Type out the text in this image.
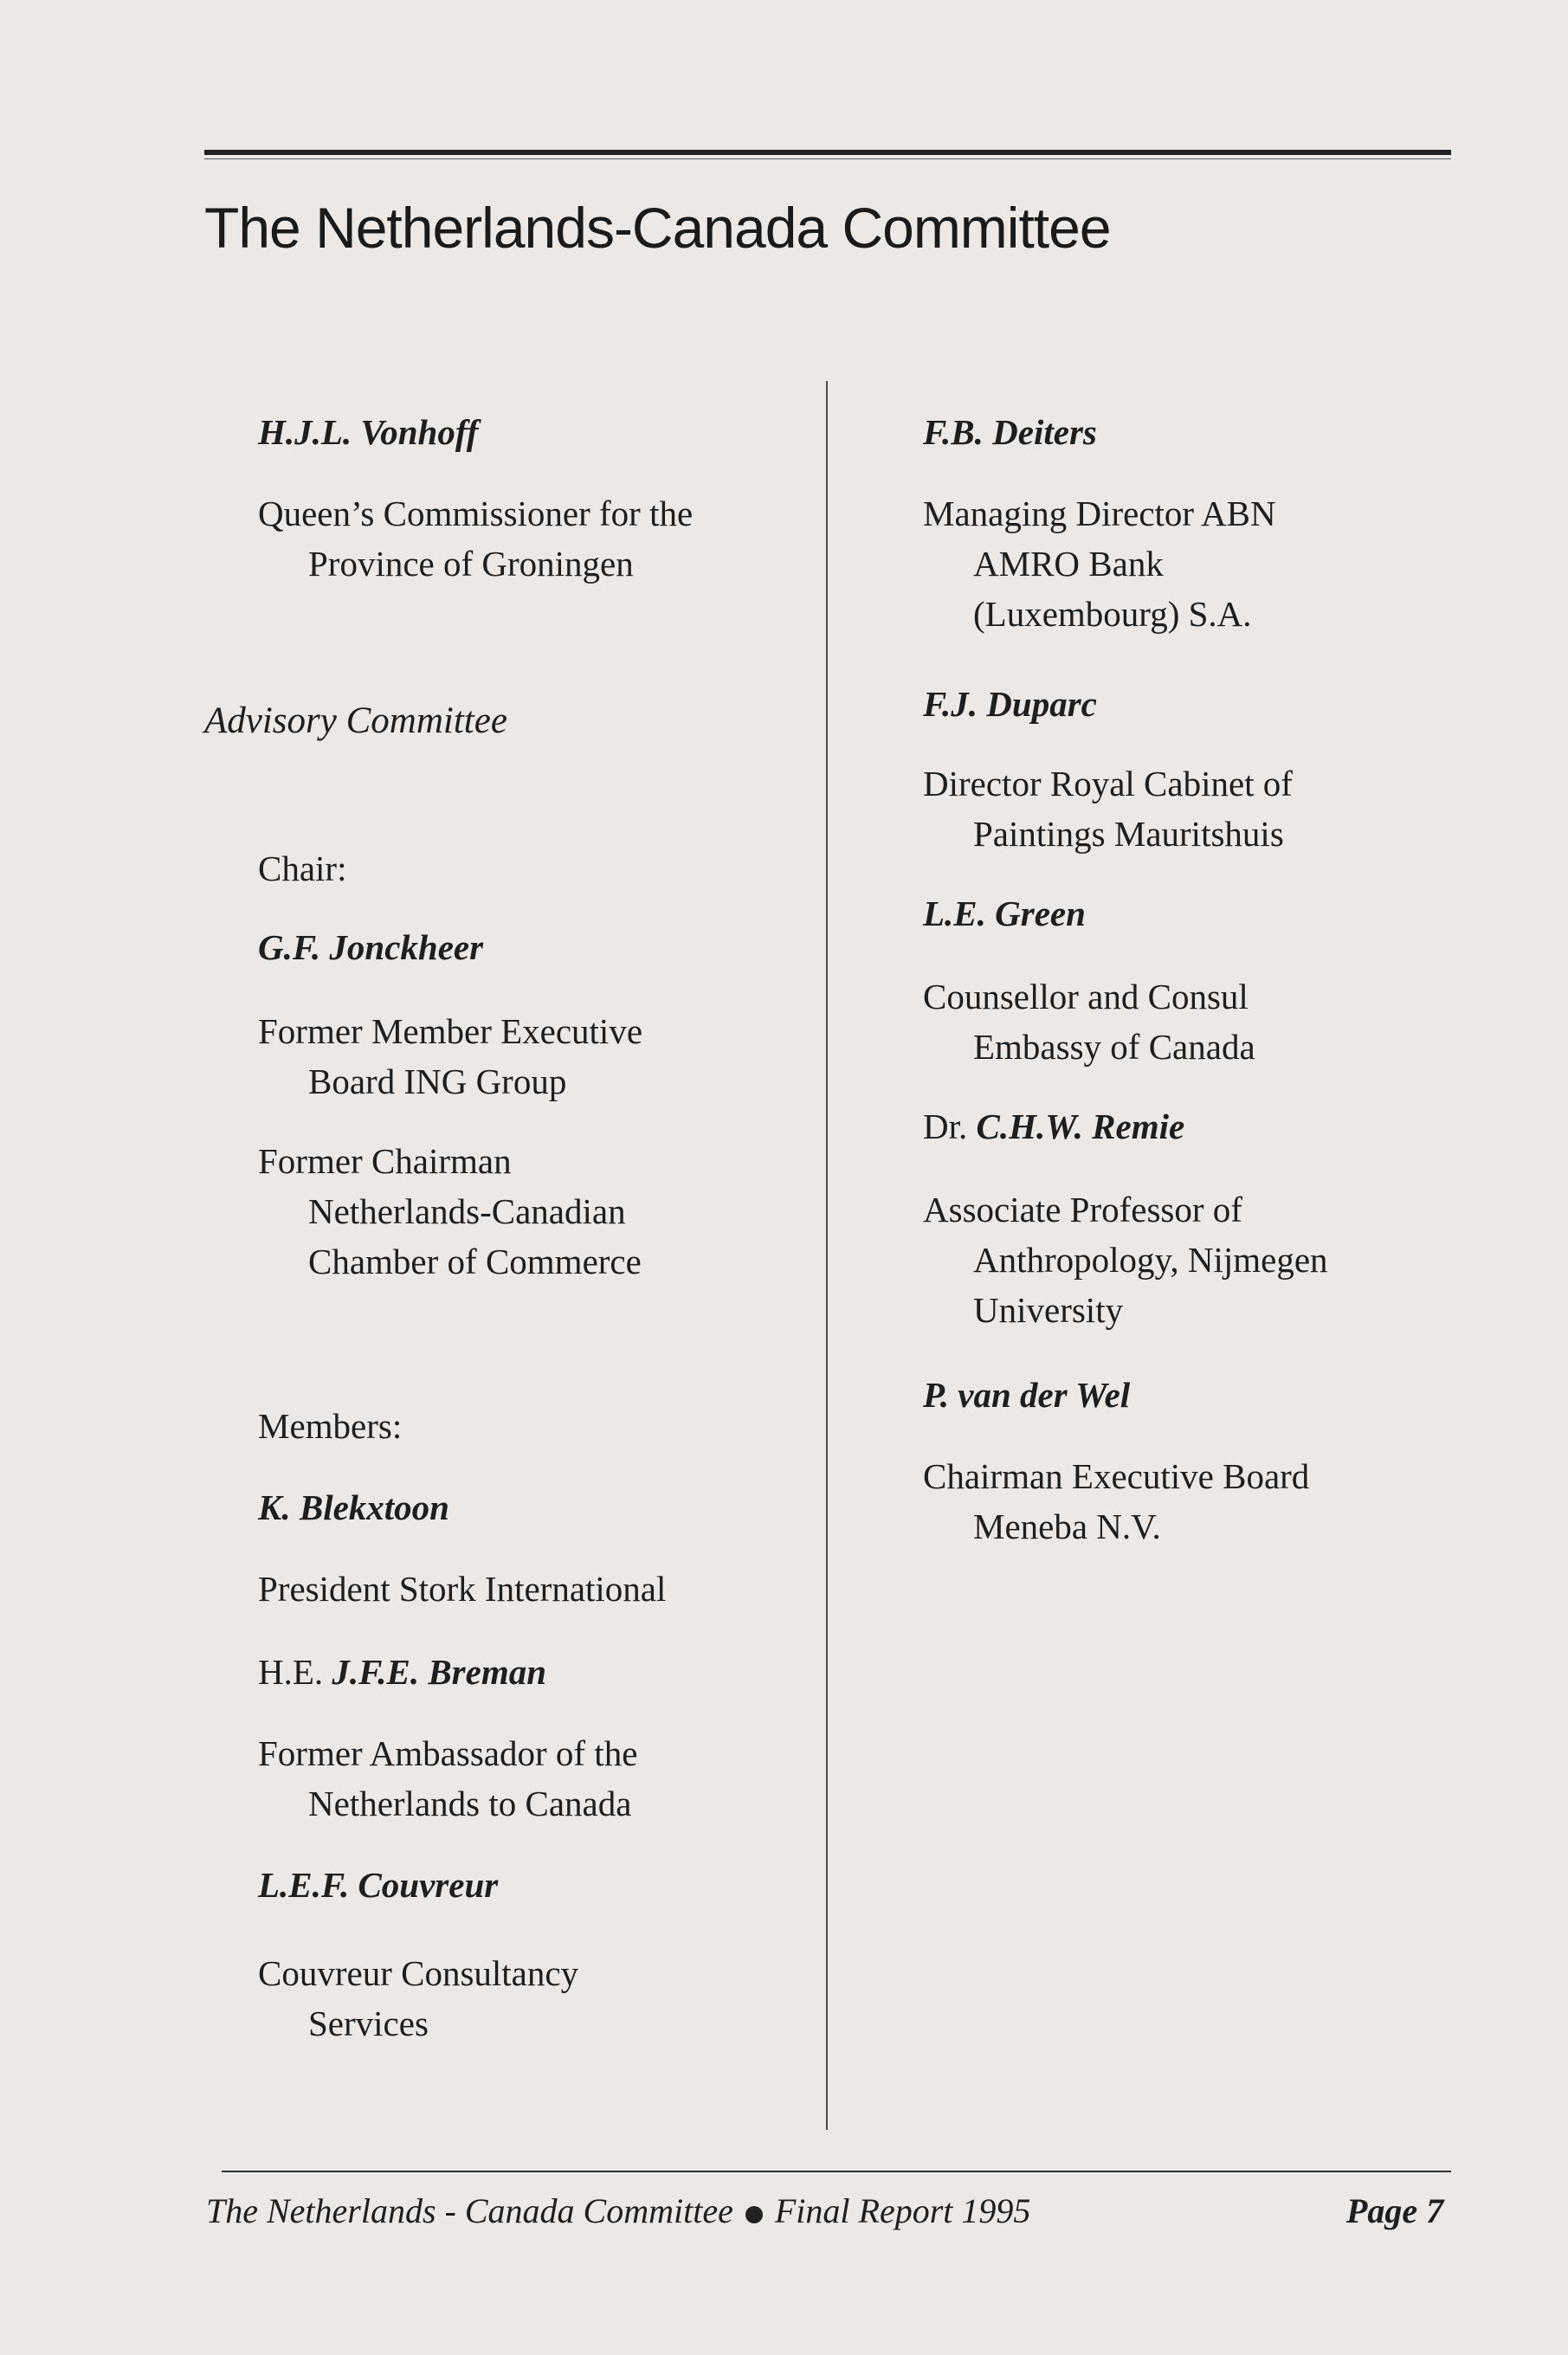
The Netherlands-Canada Committee
H.J.L. Vonhoff
Queen’s Commissioner for the
Province of Groningen
Advisory Committee
Chair:
G.F. Jonckheer
Former Member Executive
Board ING Group
Former Chairman
Netherlands-Canadian
Chamber of Commerce
Members:
K. Blekxtoon
President Stork International
H.E. J.F.E. Breman
Former Ambassador of the
Netherlands to Canada
L.E.F. Couvreur
Couvreur Consultancy
Services
F.B. Deiters
Managing Director ABN
AMRO Bank
(Luxembourg) S.A.
F.J. Duparc
Director Royal Cabinet of
Paintings Mauritshuis
L.E. Green
Counsellor and Consul
Embassy of Canada
Dr. C.H.W. Remie
Associate Professor of
Anthropology, Nijmegen
University
P. van der Wel
Chairman Executive Board
Meneba N.V.
The Netherlands - Canada Committee Final Report 1995	Page 7
